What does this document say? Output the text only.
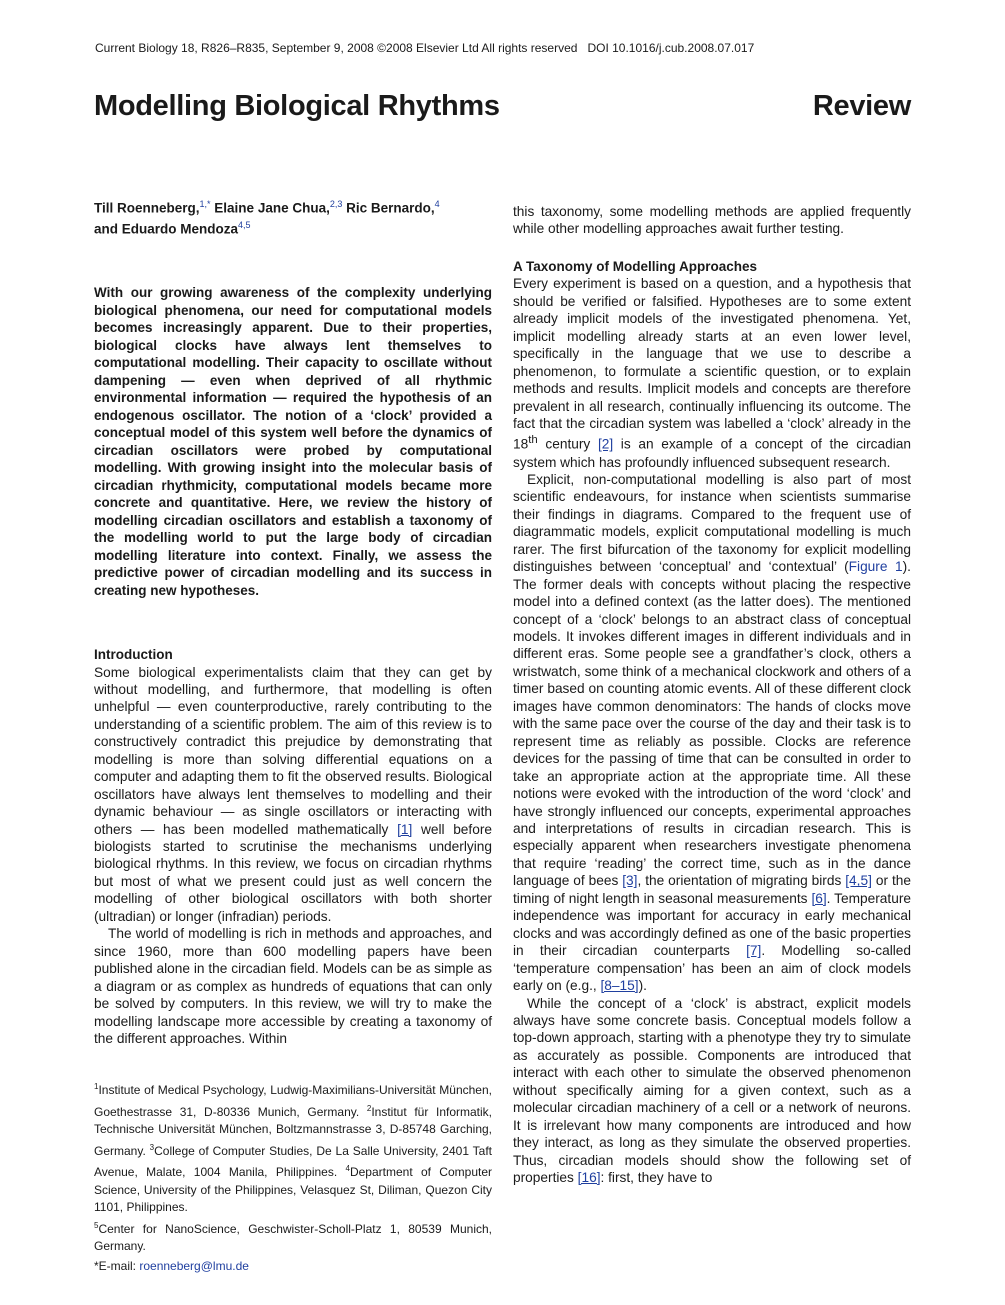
Current Biology 18, R826–R835, September 9, 2008 ©2008 Elsevier Ltd All rights reserved DOI 10.1016/j.cub.2008.07.017
Modelling Biological Rhythms	Review
Till Roenneberg,$^{1,*}$ Elaine Jane Chua,$^{2,3}$ Ric Bernardo,$^4$
and Eduardo Mendoza$^{4,5}$

With our growing awareness of the complexity underlying biological phenomena, our need for computational models becomes increasingly apparent. Due to their properties, biological clocks have always lent themselves to computational modelling. Their capacity to oscillate without dampening — even when deprived of all rhythmic environmental information — required the hypothesis of an endogenous oscillator. The notion of a ‘clock’ provided a conceptual model of this system well before the dynamics of circadian oscillators were probed by computational modelling. With growing insight into the molecular basis of circadian rhythmicity, computational models became more concrete and quantitative. Here, we review the history of modelling circadian oscillators and establish a taxonomy of the modelling world to put the large body of circadian modelling literature into context. Finally, we assess the predictive power of circadian modelling and its success in creating new hypotheses.

Introduction

Some biological experimentalists claim that they can get by without modelling, and furthermore, that modelling is often unhelpful — even counterproductive, rarely contributing to the understanding of a scientific problem. The aim of this review is to constructively contradict this prejudice by demonstrating that modelling is more than solving differential equations on a computer and adapting them to fit the observed results. Biological oscillators have always lent themselves to modelling and their dynamic behaviour — as single oscillators or interacting with others — has been modelled mathematically [1] well before biologists started to scrutinise the mechanisms underlying biological rhythms. In this review, we focus on circadian rhythms but most of what we present could just as well concern the modelling of other biological oscillators with both shorter (ultradian) or longer (infradian) periods.

The world of modelling is rich in methods and approaches, and since 1960, more than 600 modelling papers have been published alone in the circadian field. Models can be as simple as a diagram or as complex as hundreds of equations that can only be solved by computers. In this review, we will try to make the modelling landscape more accessible by creating a taxonomy of the different approaches. Within

$^1$Institute of Medical Psychology, Ludwig-Maximilians-Universität München, Goethestrasse 31, D-80336 Munich, Germany. $^2$Institut für Informatik, Technische Universität München, Boltzmannstrasse 3, D-85748 Garching, Germany. $^3$College of Computer Studies, De La Salle University, 2401 Taft Avenue, Malate, 1004 Manila, Philippines. $^4$Department of Computer Science, University of the Philippines, Velasquez St, Diliman, Quezon City 1101, Philippines.
$^5$Center for NanoScience, Geschwister-Scholl-Platz 1, 80539 Munich, Germany.
*E-mail: roenneberg@lmu.de

this taxonomy, some modelling methods are applied frequently while other modelling approaches await further testing.

A Taxonomy of Modelling Approaches

Every experiment is based on a question, and a hypothesis that should be verified or falsified. Hypotheses are to some extent already implicit models of the investigated phenomena. Yet, implicit modelling already starts at an even lower level, specifically in the language that we use to describe a phenomenon, to formulate a scientific question, or to explain methods and results. Implicit models and concepts are therefore prevalent in all research, continually influencing its outcome. The fact that the circadian system was labelled a ‘clock’ already in the 18th century [2] is an example of a concept of the circadian system which has profoundly influenced subsequent research.

Explicit, non-computational modelling is also part of most scientific endeavours, for instance when scientists summarise their findings in diagrams. Compared to the frequent use of diagrammatic models, explicit computational modelling is much rarer. The first bifurcation of the taxonomy for explicit modelling distinguishes between ‘conceptual’ and ‘contextual’ (Figure 1). The former deals with concepts without placing the respective model into a defined context (as the latter does). The mentioned concept of a ‘clock’ belongs to an abstract class of conceptual models. It invokes different images in different individuals and in different eras. Some people see a grandfather’s clock, others a wristwatch, some think of a mechanical clockwork and others of a timer based on counting atomic events. All of these different clock images have common denominators: The hands of clocks move with the same pace over the course of the day and their task is to represent time as reliably as possible. Clocks are reference devices for the passing of time that can be consulted in order to take an appropriate action at the appropriate time. All these notions were evoked with the introduction of the word ‘clock’ and have strongly influenced our concepts, experimental approaches and interpretations of results in circadian research. This is especially apparent when researchers investigate phenomena that require ‘reading’ the correct time, such as in the dance language of bees [3], the orientation of migrating birds [4,5] or the timing of night length in seasonal measurements [6]. Temperature independence was important for accuracy in early mechanical clocks and was accordingly defined as one of the basic properties in their circadian counterparts [7]. Modelling so-called ‘temperature compensation’ has been an aim of clock models early on (e.g., [8–15]).

While the concept of a ‘clock’ is abstract, explicit models always have some concrete basis. Conceptual models follow a top-down approach, starting with a phenotype they try to simulate as accurately as possible. Components are introduced that interact with each other to simulate the observed phenomenon without specifically aiming for a given context, such as a molecular circadian machinery of a cell or a network of neurons. It is irrelevant how many components are introduced and how they interact, as long as they simulate the observed properties. Thus, circadian models should show the following set of properties [16]: first, they have to
